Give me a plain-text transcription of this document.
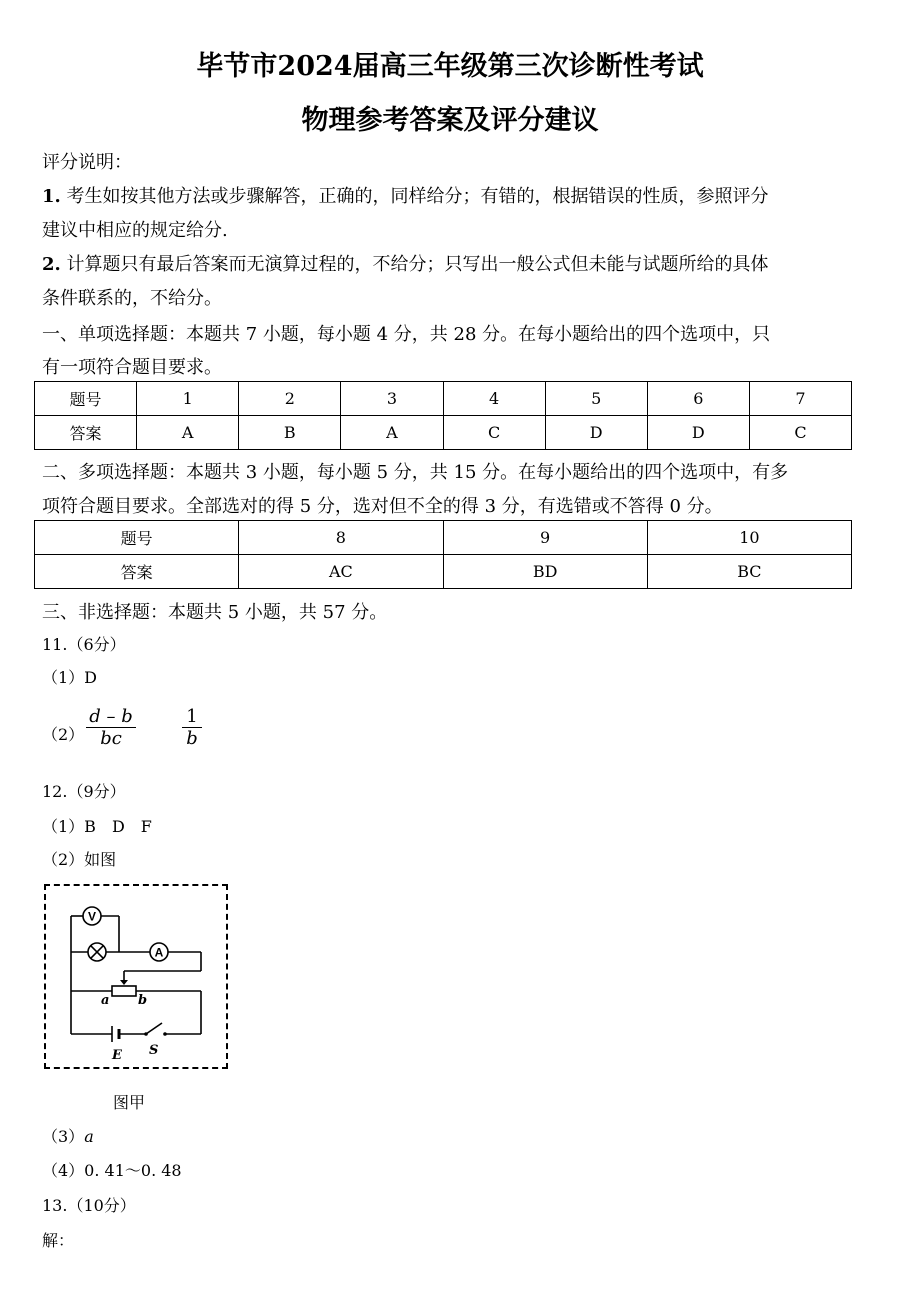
毕节市2024届高三年级第三次诊断性考试
物理参考答案及评分建议
评分说明：
1. 考生如按其他方法或步骤解答，正确的，同样给分；有错的，根据错误的性质，参照评分
建议中相应的规定给分.
2. 计算题只有最后答案而无演算过程的，不给分；只写出一般公式但未能与试题所给的具体
条件联系的，不给分。
一、单项选择题：本题共 7 小题，每小题 4 分，共 28 分。在每小题给出的四个选项中，只
有一项符合题目要求。
题号	1	2	3	4	5	6	7
答案	A	B	A	C	D	D	C
二、多项选择题：本题共 3 小题，每小题 5 分，共 15 分。在每小题给出的四个选项中，有多
项符合题目要求。全部选对的得 5 分，选对但不全的得 3 分，有选错或不答得 0 分。
题号	8	9	10
答案	AC	BD	BC
三、非选择题：本题共 5 小题，共 57 分。
11.（6分）
（1）D
（2）
d – b
bc
1
b
12.（9分）
（1）B　D　F
（2）如图
V
A
a b
E S
图甲
（3）a
（4）0. 41～0. 48
13.（10分）
解：
